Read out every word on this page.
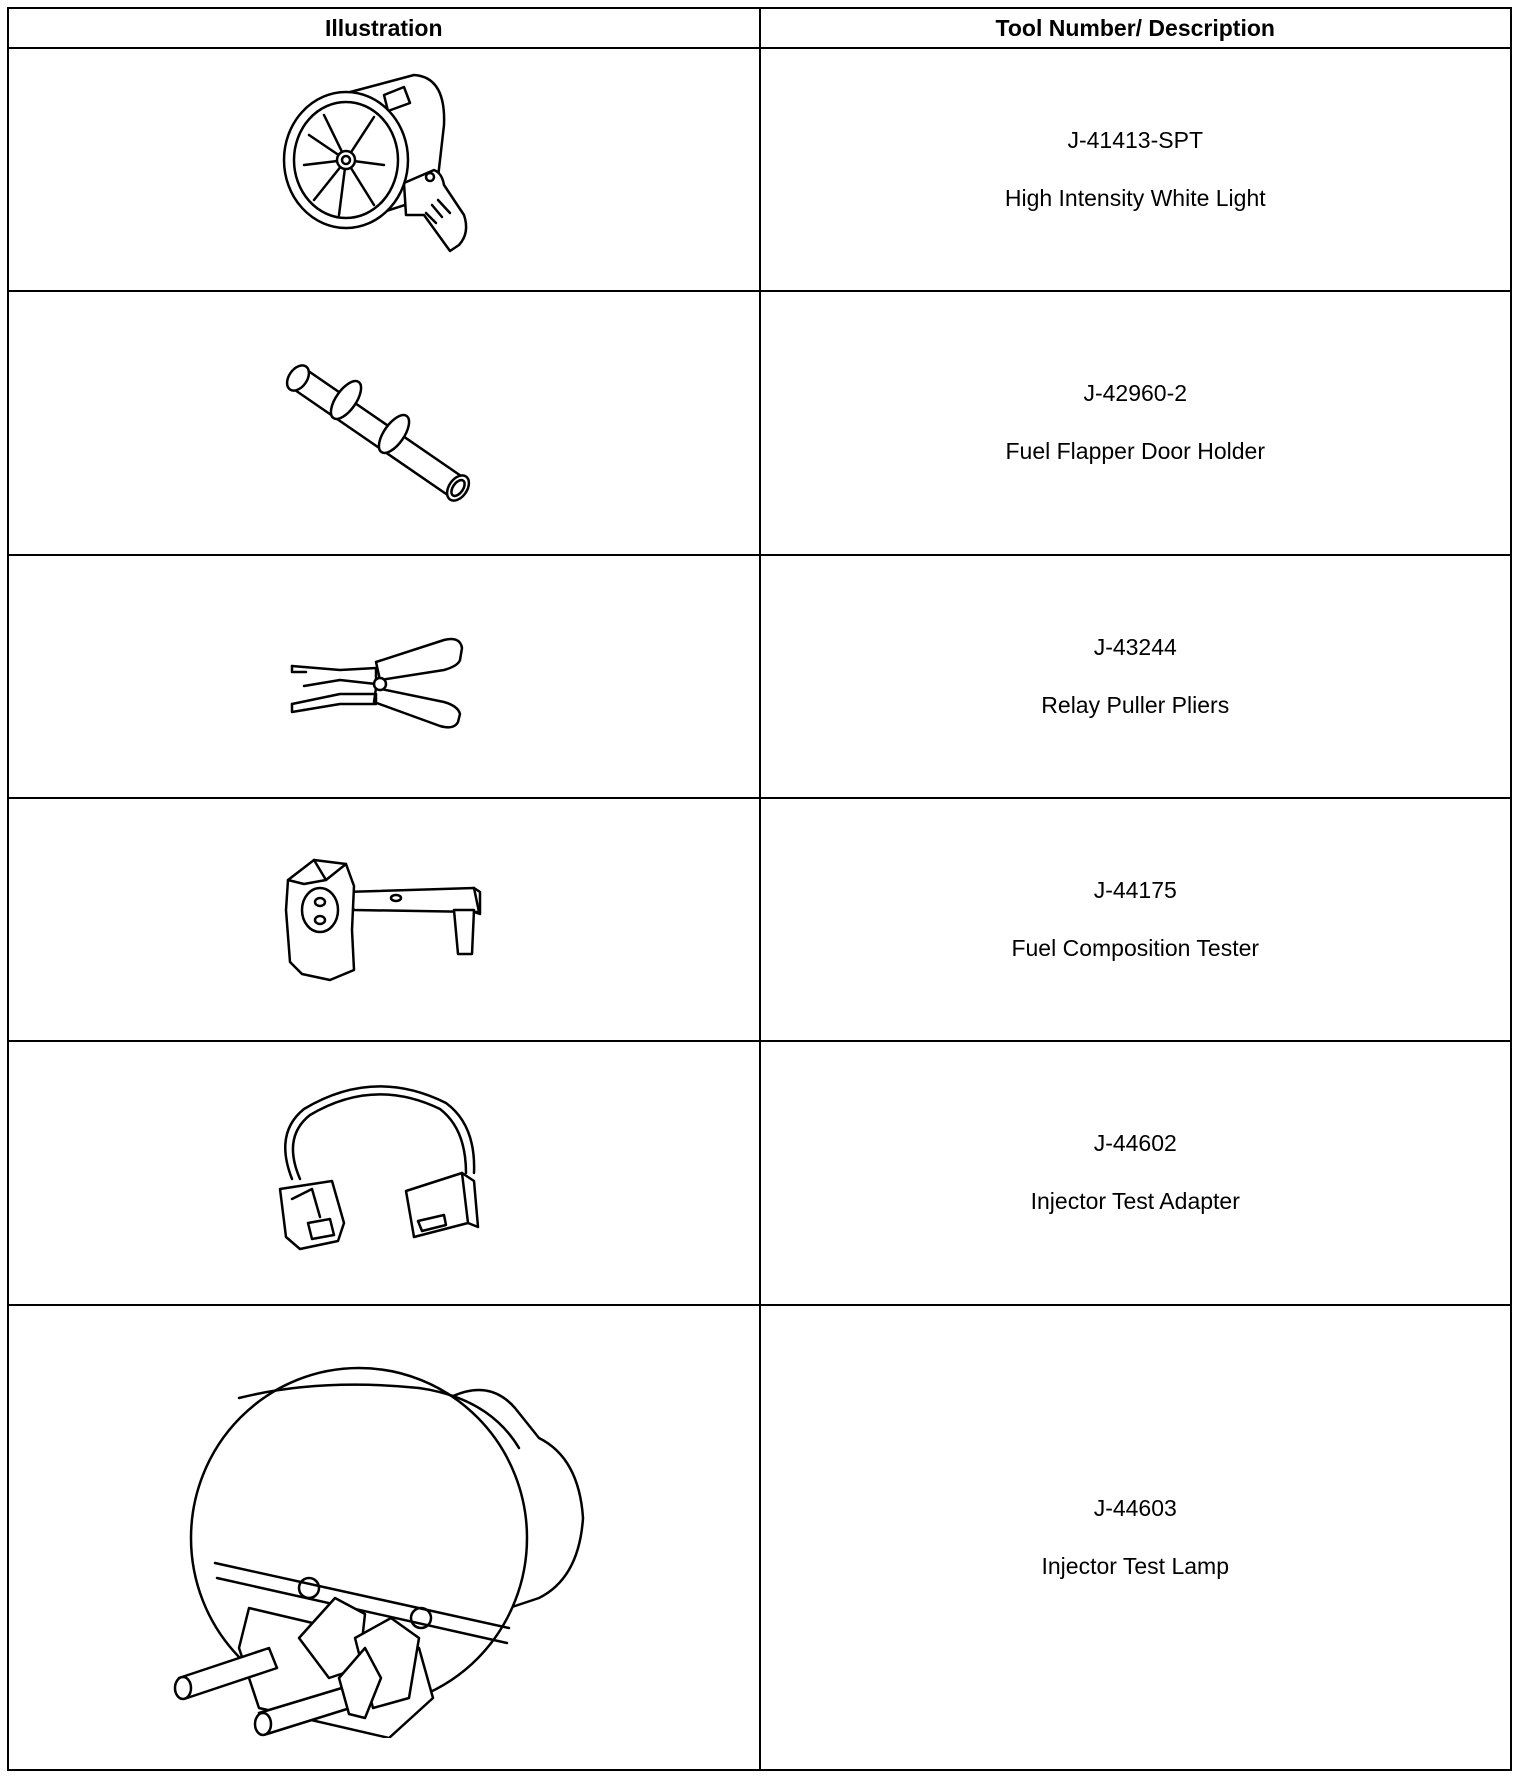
Illustration	Tool Number/ Description

J-41413-SPT
High Intensity White Light

J-42960-2
Fuel Flapper Door Holder

J-43244
Relay Puller Pliers

J-44175
Fuel Composition Tester

J-44602
Injector Test Adapter

J-44603
Injector Test Lamp
